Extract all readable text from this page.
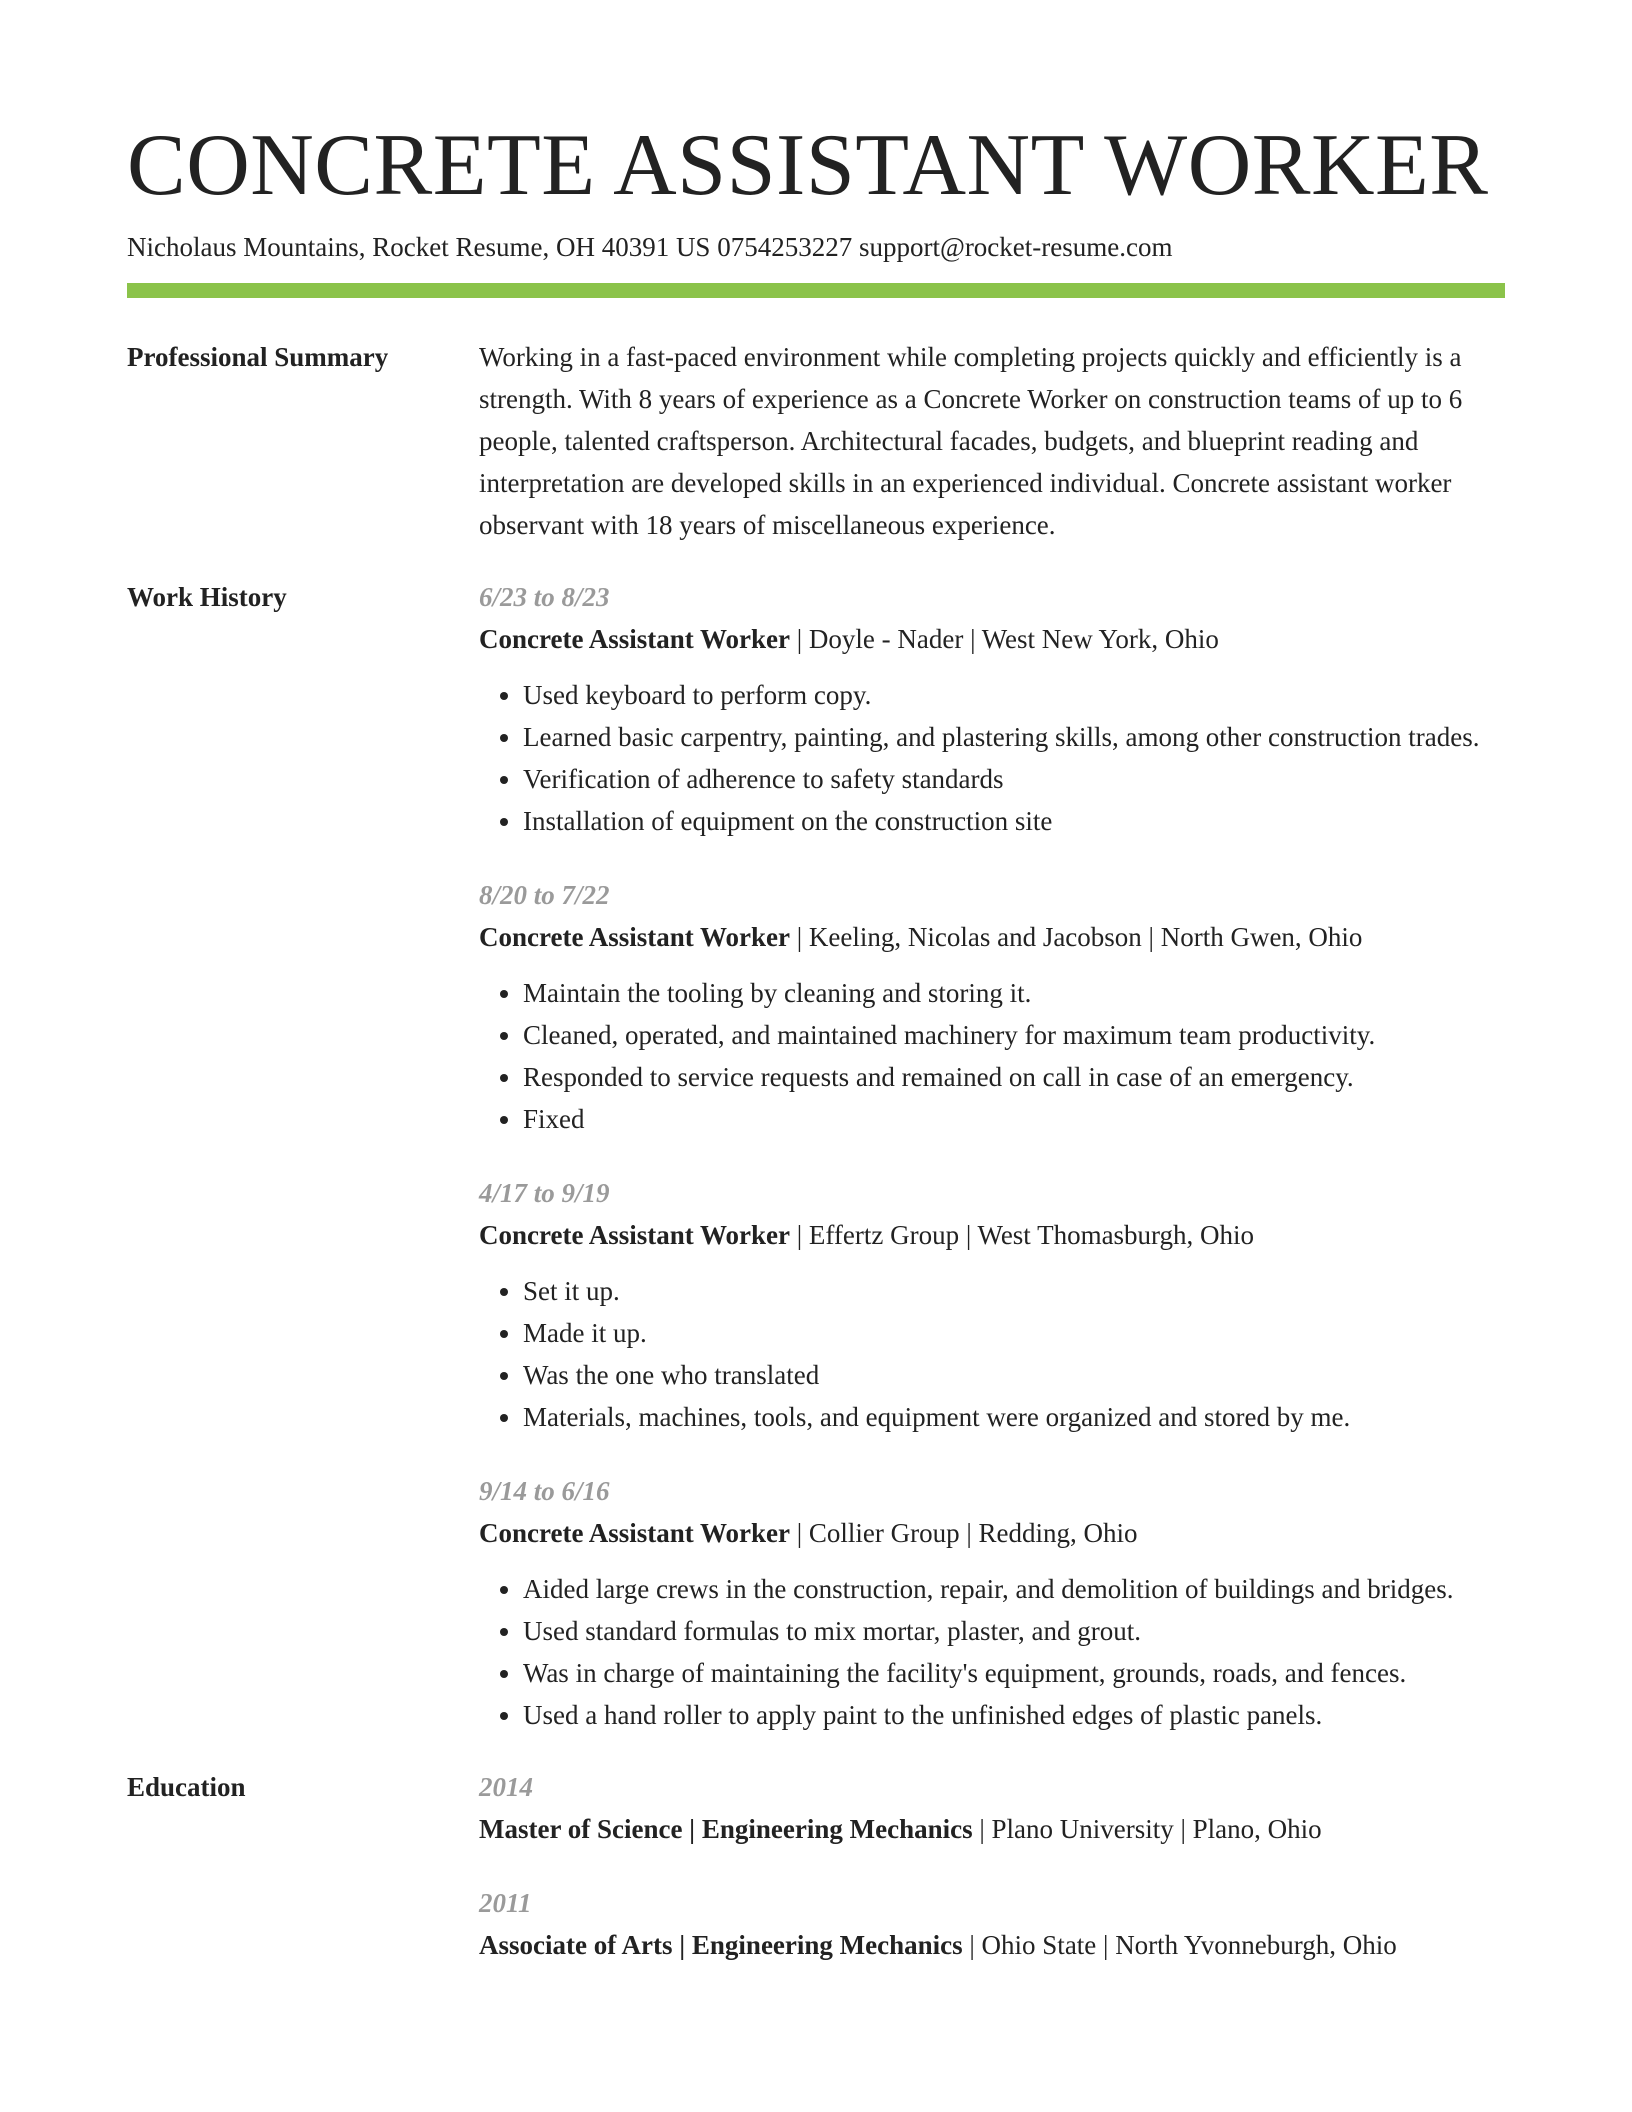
CONCRETE ASSISTANT WORKER
Nicholaus Mountains, Rocket Resume, OH 40391 US 0754253227 support@rocket-resume.com
Professional Summary	Working in a fast-paced environment while completing projects quickly and efficiently is a strength. With 8 years of experience as a Concrete Worker on construction teams of up to 6 people, talented craftsperson. Architectural facades, budgets, and blueprint reading and interpretation are developed skills in an experienced individual. Concrete assistant worker observant with 18 years of miscellaneous experience.

Work History	6/23 to 8/23
Concrete Assistant Worker | Doyle - Nader | West New York, Ohio
• Used keyboard to perform copy.
• Learned basic carpentry, painting, and plastering skills, among other construction trades.
• Verification of adherence to safety standards
• Installation of equipment on the construction site
8/20 to 7/22
Concrete Assistant Worker | Keeling, Nicolas and Jacobson | North Gwen, Ohio
• Maintain the tooling by cleaning and storing it.
• Cleaned, operated, and maintained machinery for maximum team productivity.
• Responded to service requests and remained on call in case of an emergency.
• Fixed
4/17 to 9/19
Concrete Assistant Worker | Effertz Group | West Thomasburgh, Ohio
• Set it up.
• Made it up.
• Was the one who translated
• Materials, machines, tools, and equipment were organized and stored by me.
9/14 to 6/16
Concrete Assistant Worker | Collier Group | Redding, Ohio
• Aided large crews in the construction, repair, and demolition of buildings and bridges.
• Used standard formulas to mix mortar, plaster, and grout.
• Was in charge of maintaining the facility's equipment, grounds, roads, and fences.
• Used a hand roller to apply paint to the unfinished edges of plastic panels.
Education	2014
Master of Science | Engineering Mechanics | Plano University | Plano, Ohio
2011
Associate of Arts | Engineering Mechanics | Ohio State | North Yvonneburgh, Ohio
